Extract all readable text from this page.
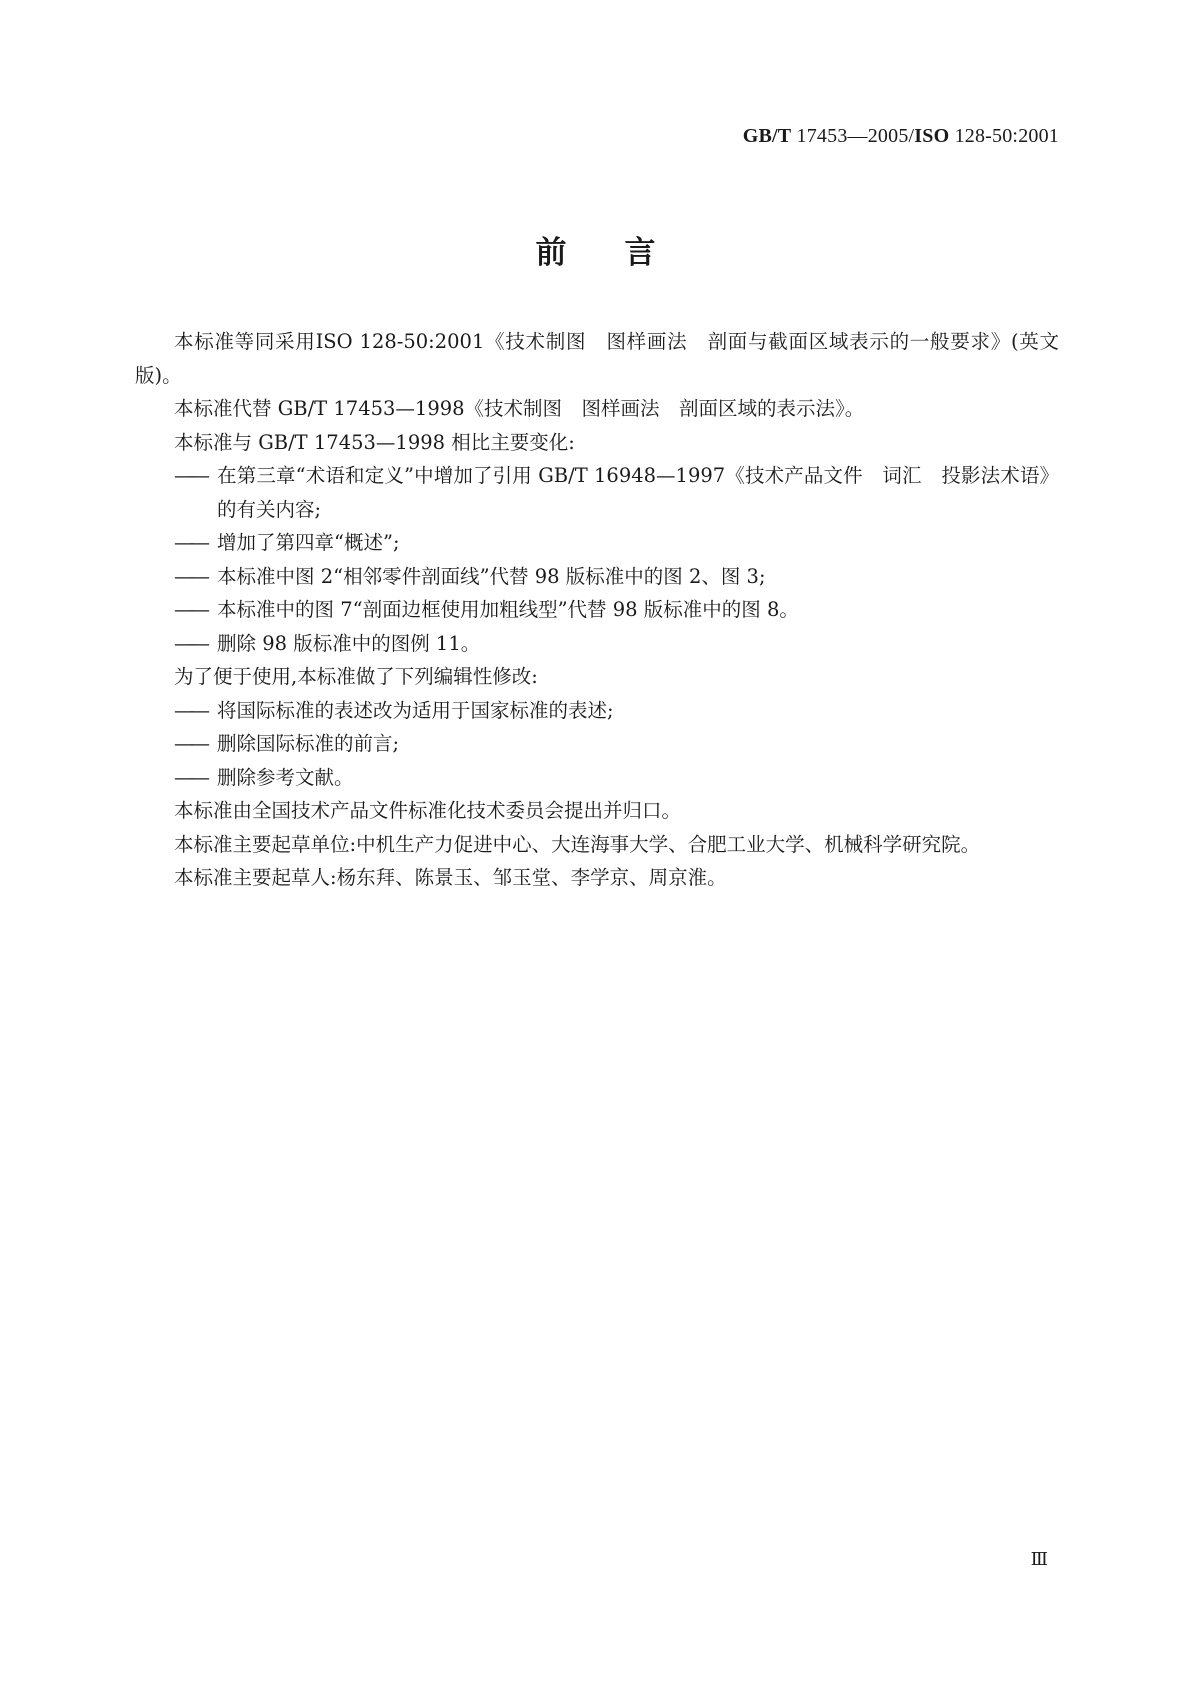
GB/T 17453—2005/ISO 128-50:2001
前言

本标准等同采用ISO 128-50:2001《技术制图　图样画法　剖面与截面区域表示的一般要求》(英文版)。

本标准代替 GB/T 17453—1998《技术制图　图样画法　剖面区域的表示法》。

本标准与 GB/T 17453—1998 相比主要变化:

—— 在第三章“术语和定义”中增加了引用 GB/T 16948—1997《技术产品文件　词汇　投影法术语》的有关内容;

—— 增加了第四章“概述”;

—— 本标准中图 2“相邻零件剖面线”代替 98 版标准中的图 2、图 3;

—— 本标准中的图 7“剖面边框使用加粗线型”代替 98 版标准中的图 8。

—— 删除 98 版标准中的图例 11。

为了便于使用,本标准做了下列编辑性修改:

—— 将国际标准的表述改为适用于国家标准的表述;

—— 删除国际标准的前言;

—— 删除参考文献。

本标准由全国技术产品文件标准化技术委员会提出并归口。

本标准主要起草单位:中机生产力促进中心、大连海事大学、合肥工业大学、机械科学研究院。

本标准主要起草人:杨东拜、陈景玉、邹玉堂、李学京、周京淮。

Ⅲ
